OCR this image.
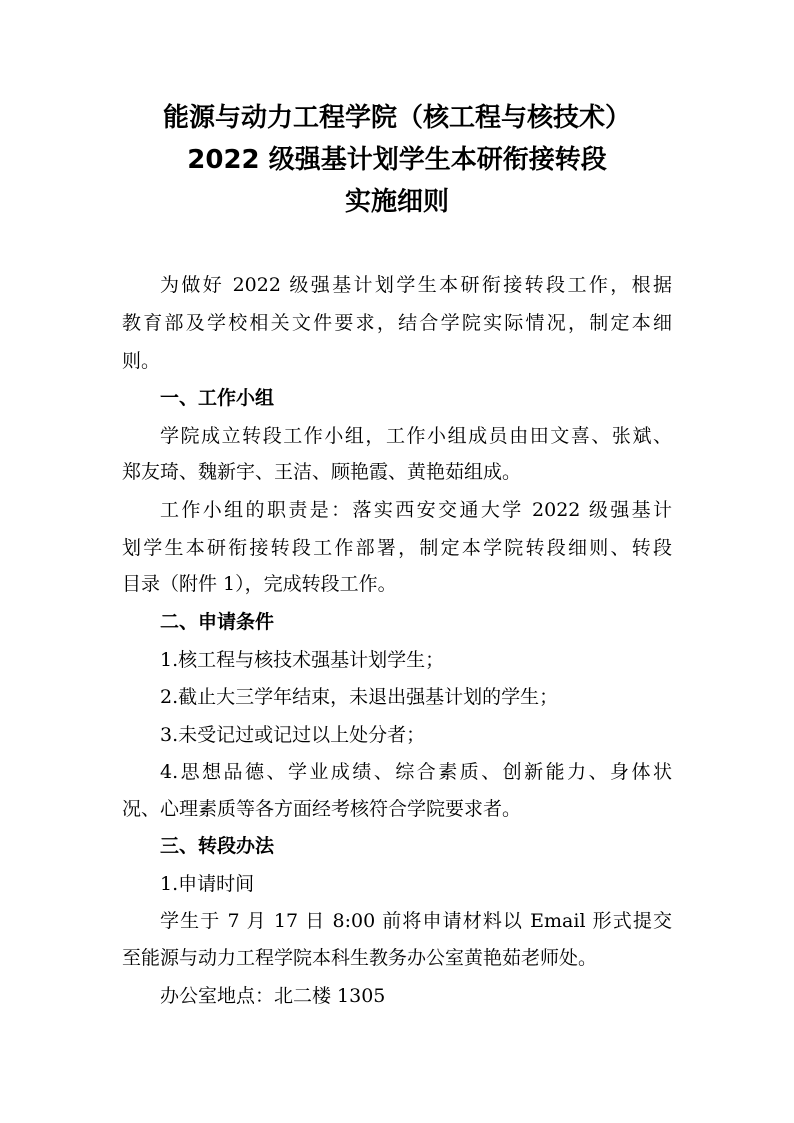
能源与动力工程学院（核工程与核技术）
2022 级强基计划学生本研衔接转段
实施细则
为做好 2022 级强基计划学生本研衔接转段工作，根据
教育部及学校相关文件要求，结合学院实际情况，制定本细
则。
一、工作小组
学院成立转段工作小组，工作小组成员由田文喜、张斌、
郑友琦、魏新宇、王洁、顾艳霞、黄艳茹组成。
工作小组的职责是：落实西安交通大学 2022 级强基计
划学生本研衔接转段工作部署，制定本学院转段细则、转段
目录（附件 1），完成转段工作。
二、申请条件
1.核工程与核技术强基计划学生；
2.截止大三学年结束，未退出强基计划的学生；
3.未受记过或记过以上处分者；
4.思想品德、学业成绩、综合素质、创新能力、身体状
况、心理素质等各方面经考核符合学院要求者。
三、转段办法
1.申请时间
学生于 7 月 17 日 8:00 前将申请材料以 Email 形式提交
至能源与动力工程学院本科生教务办公室黄艳茹老师处。
办公室地点：北二楼 1305
